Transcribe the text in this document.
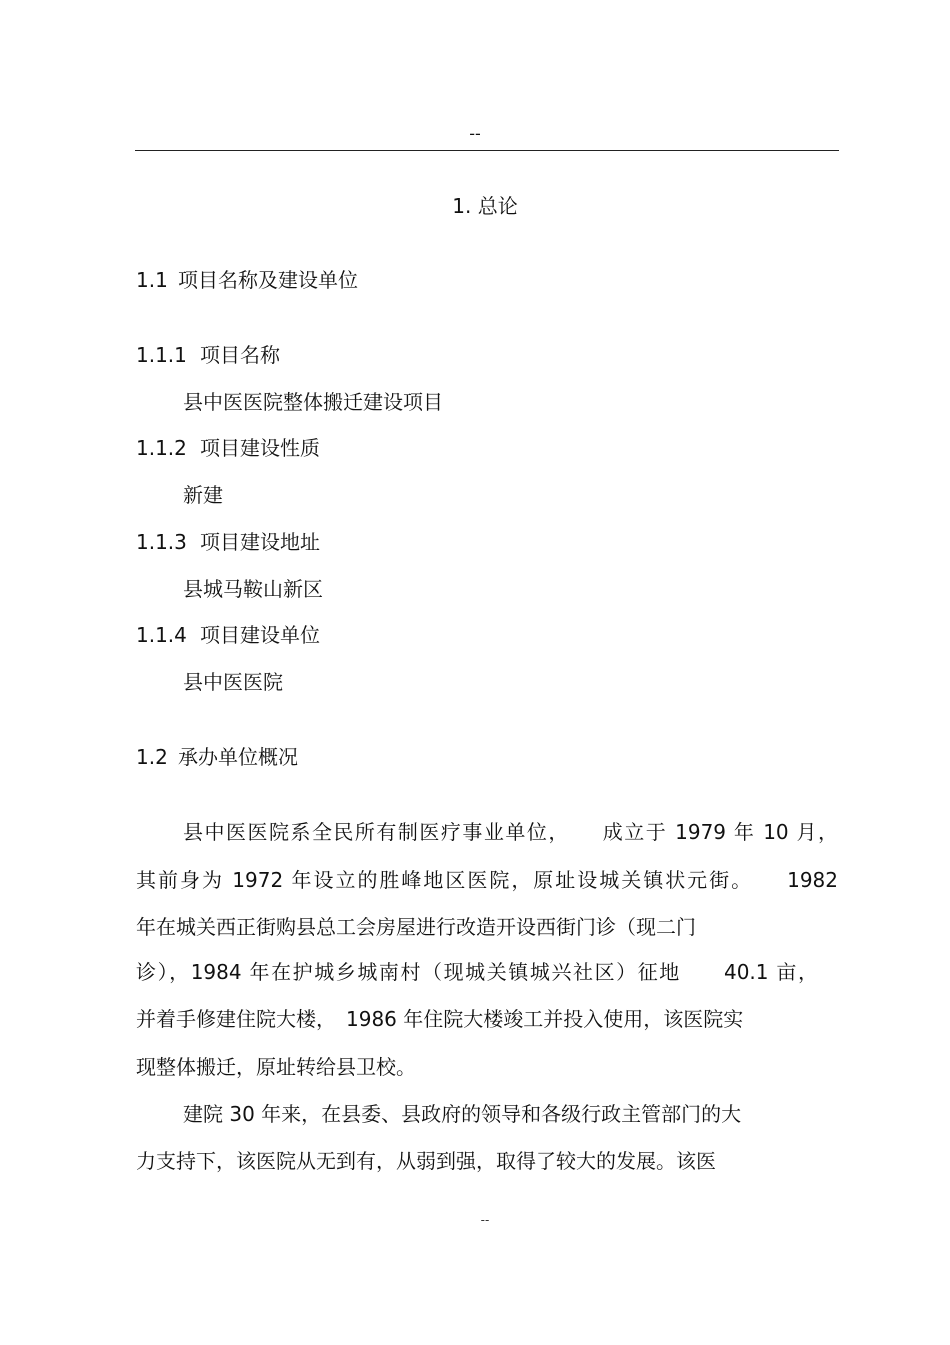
--
1. 总论
1.1 项目名称及建设单位
1.1.1 项目名称
县中医医院整体搬迁建设项目
1.1.2 项目建设性质
新建
1.1.3 项目建设地址
县城马鞍山新区
1.1.4 项目建设单位
县中医医院
1.2 承办单位概况
县中医医院系全民所有制医疗事业单位，　　成立于 1979 年 10 月，
其前身为 1972 年设立的胜峰地区医院，原址设城关镇状元街。　　1982
年在城关西正街购县总工会房屋进行改造开设西街门诊（现二门
诊），1984 年在护城乡城南村（现城关镇城兴社区）征地　　40.1 亩，
并着手修建住院大楼，　1986 年住院大楼竣工并投入使用，该医院实
现整体搬迁，原址转给县卫校。
建院 30 年来，在县委、县政府的领导和各级行政主管部门的大
力支持下，该医院从无到有，从弱到强，取得了较大的发展。该医
--
